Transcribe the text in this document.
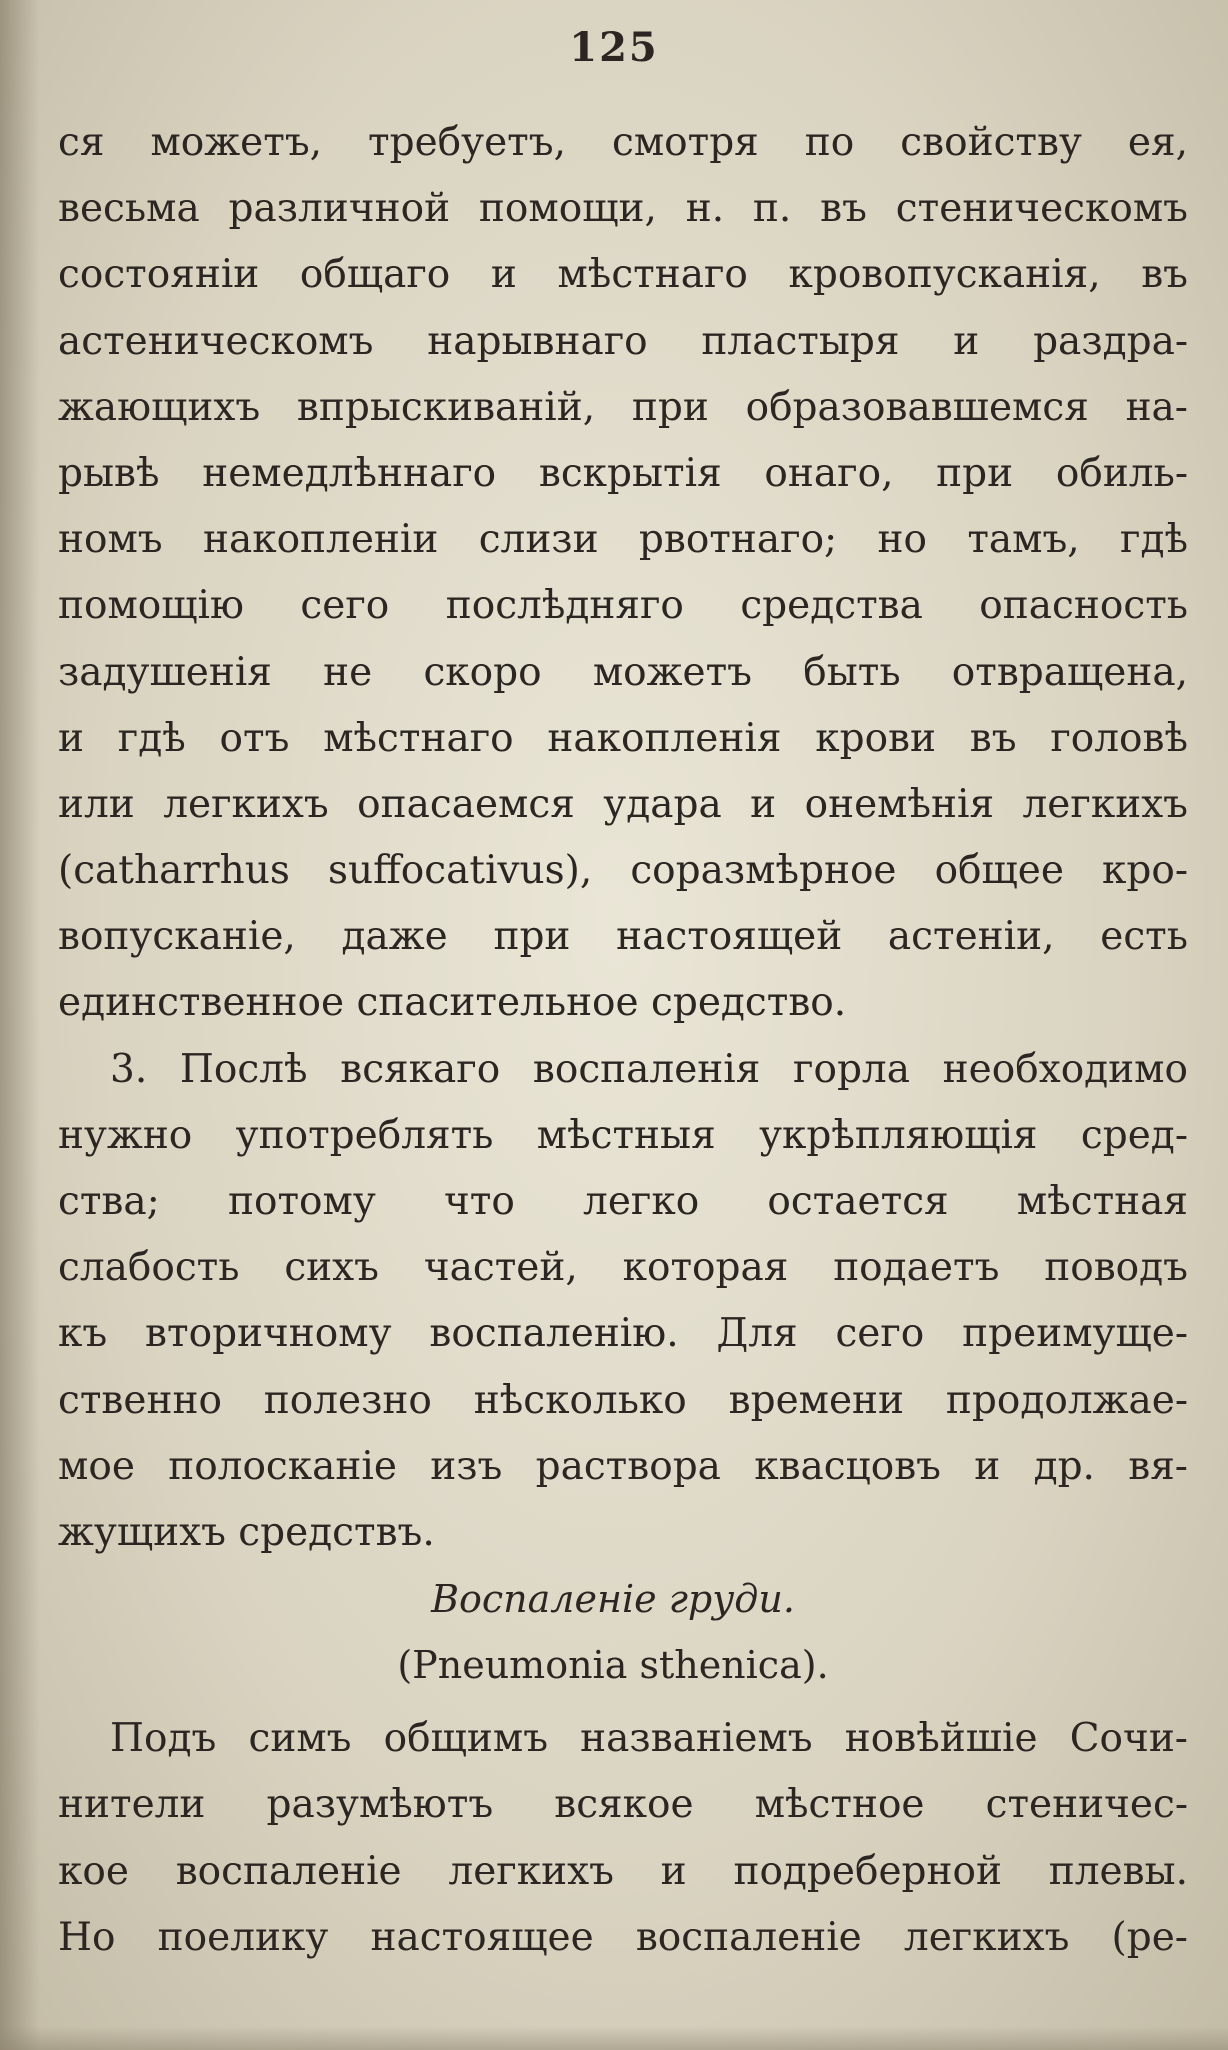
125
ся можетъ, требуетъ, смотря по свойству ея,
весьма различной помощи, н. п. въ стеническомъ
состояніи общаго и мѣстнаго кровопусканія, въ
астеническомъ нарывнаго пластыря и раздра-
жающихъ впрыскиваній, при образовавшемся на-
рывѣ немедлѣннаго вскрытія онаго, при обиль-
номъ накопленіи слизи рвотнаго; но тамъ, гдѣ
помощію сего послѣдняго средства опасность
задушенія не скоро можетъ быть отвращена,
и гдѣ отъ мѣстнаго накопленія крови въ головѣ
или легкихъ опасаемся удара и онемѣнія легкихъ
(catharrhus suffocativus), соразмѣрное общее кро-
вопусканіе, даже при настоящей астеніи, есть
единственное спасительное средство.
3. Послѣ всякаго воспаленія горла необходимо
нужно употреблять мѣстныя укрѣпляющія сред-
ства; потому что легко остается мѣстная
слабость сихъ частей, которая подаетъ поводъ
къ вторичному воспаленію. Для сего преимуще-
ственно полезно нѣсколько времени продолжае-
мое полосканіе изъ раствора квасцовъ и др. вя-
жущихъ средствъ.
Воспаленіе груди.
(Pneumonia sthenica).
Подъ симъ общимъ названіемъ новѣйшіе Сочи-
нители разумѣютъ всякое мѣстное стеничес-
кое воспаленіе легкихъ и подреберной плевы.
Но поелику настоящее воспаленіе легкихъ (ре-
